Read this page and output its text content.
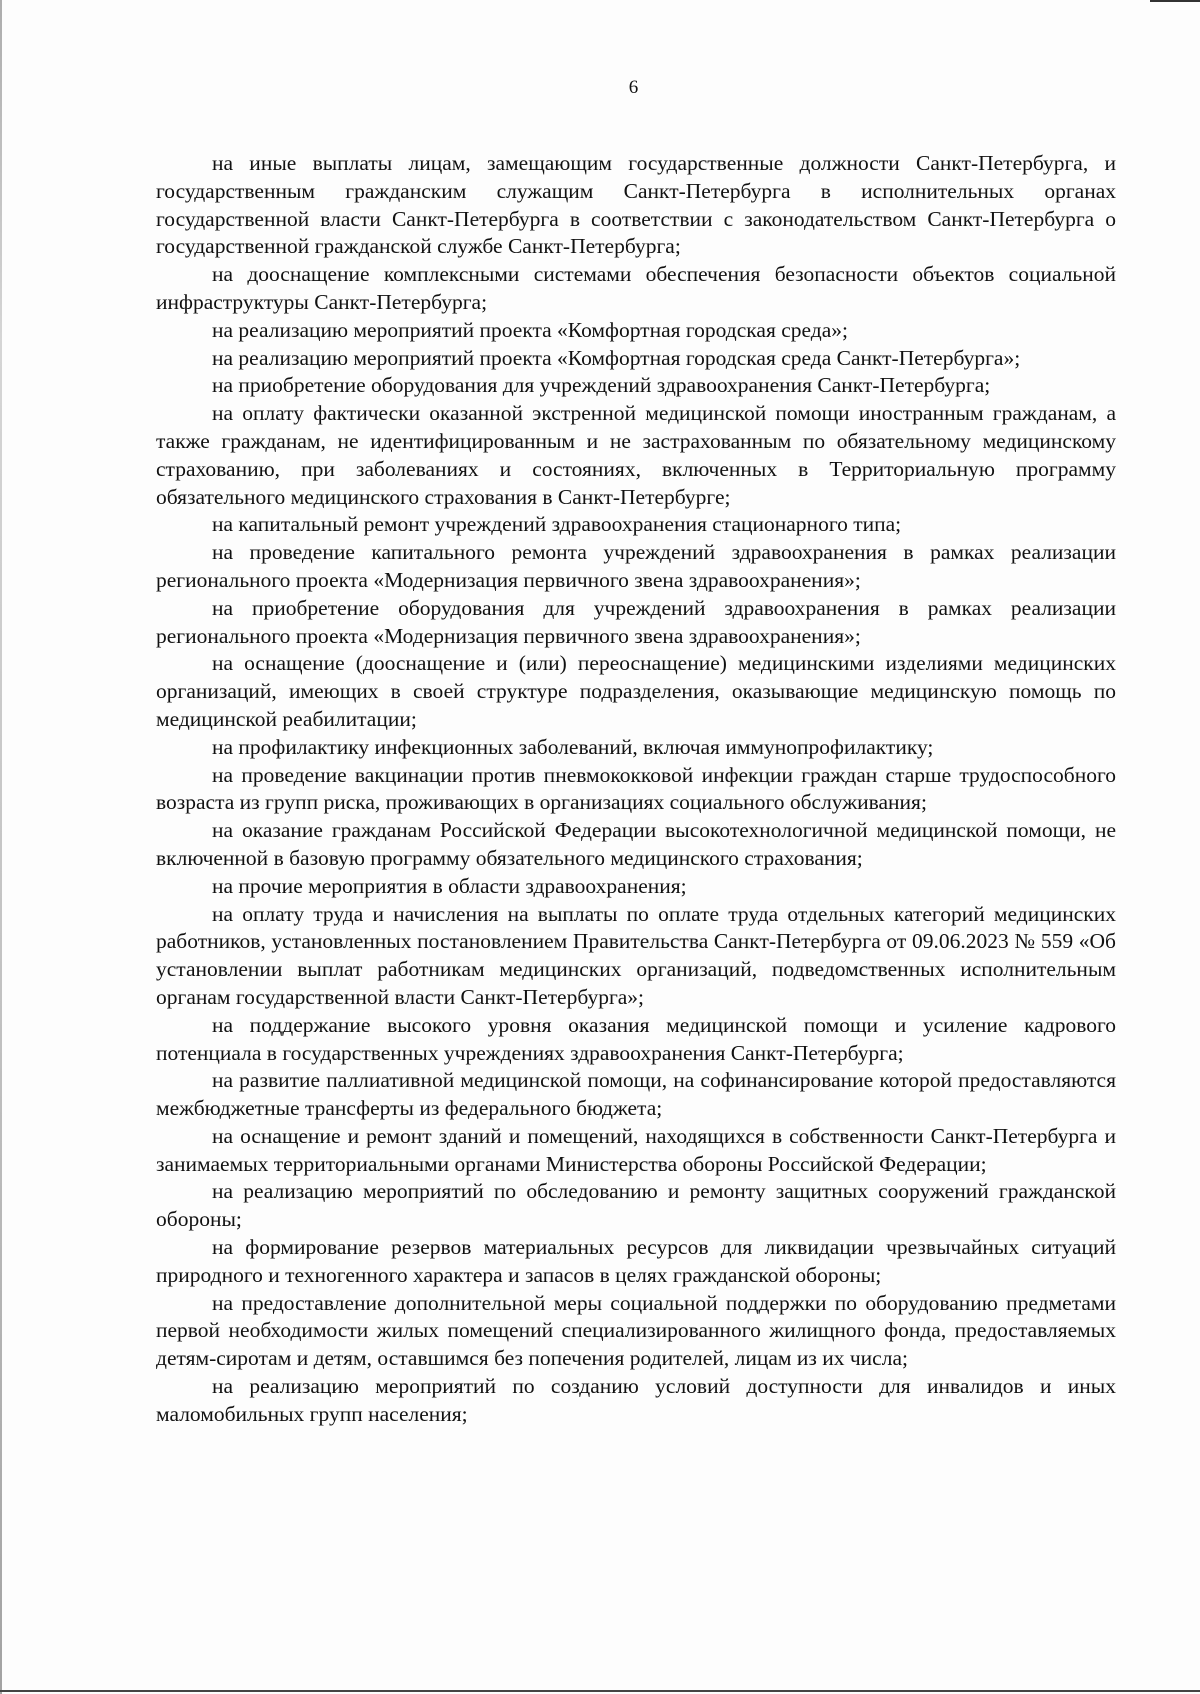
6

на иные выплаты лицам, замещающим государственные должности Санкт-Петербурга, и государственным гражданским служащим Санкт-Петербурга в исполнительных органах государственной власти Санкт-Петербурга в соответствии с законодательством Санкт-Петербурга о государственной гражданской службе Санкт-Петербурга;

на дооснащение комплексными системами обеспечения безопасности объектов социальной инфраструктуры Санкт-Петербурга;

на реализацию мероприятий проекта «Комфортная городская среда»;

на реализацию мероприятий проекта «Комфортная городская среда Санкт-Петербурга»;

на приобретение оборудования для учреждений здравоохранения Санкт-Петербурга;

на оплату фактически оказанной экстренной медицинской помощи иностранным гражданам, а также гражданам, не идентифицированным и не застрахованным по обязательному медицинскому страхованию, при заболеваниях и состояниях, включенных в Территориальную программу обязательного медицинского страхования в Санкт-Петербурге;

на капитальный ремонт учреждений здравоохранения стационарного типа;

на проведение капитального ремонта учреждений здравоохранения в рамках реализации регионального проекта «Модернизация первичного звена здравоохранения»;

на приобретение оборудования для учреждений здравоохранения в рамках реализации регионального проекта «Модернизация первичного звена здравоохранения»;

на оснащение (дооснащение и (или) переоснащение) медицинскими изделиями медицинских организаций, имеющих в своей структуре подразделения, оказывающие медицинскую помощь по медицинской реабилитации;

на профилактику инфекционных заболеваний, включая иммунопрофилактику;

на проведение вакцинации против пневмококковой инфекции граждан старше трудоспособного возраста из групп риска, проживающих в организациях социального обслуживания;

на оказание гражданам Российской Федерации высокотехнологичной медицинской помощи, не включенной в базовую программу обязательного медицинского страхования;

на прочие мероприятия в области здравоохранения;

на оплату труда и начисления на выплаты по оплате труда отдельных категорий медицинских работников, установленных постановлением Правительства Санкт-Петербурга от 09.06.2023 № 559 «Об установлении выплат работникам медицинских организаций, подведомственных исполнительным органам государственной власти Санкт-Петербурга»;

на поддержание высокого уровня оказания медицинской помощи и усиление кадрового потенциала в государственных учреждениях здравоохранения Санкт-Петербурга;

на развитие паллиативной медицинской помощи, на софинансирование которой предоставляются межбюджетные трансферты из федерального бюджета;

на оснащение и ремонт зданий и помещений, находящихся в собственности Санкт-Петербурга и занимаемых территориальными органами Министерства обороны Российской Федерации;

на реализацию мероприятий по обследованию и ремонту защитных сооружений гражданской обороны;

на формирование резервов материальных ресурсов для ликвидации чрезвычайных ситуаций природного и техногенного характера и запасов в целях гражданской обороны;

на предоставление дополнительной меры социальной поддержки по оборудованию предметами первой необходимости жилых помещений специализированного жилищного фонда, предоставляемых детям-сиротам и детям, оставшимся без попечения родителей, лицам из их числа;

на реализацию мероприятий по созданию условий доступности для инвалидов и иных маломобильных групп населения;
